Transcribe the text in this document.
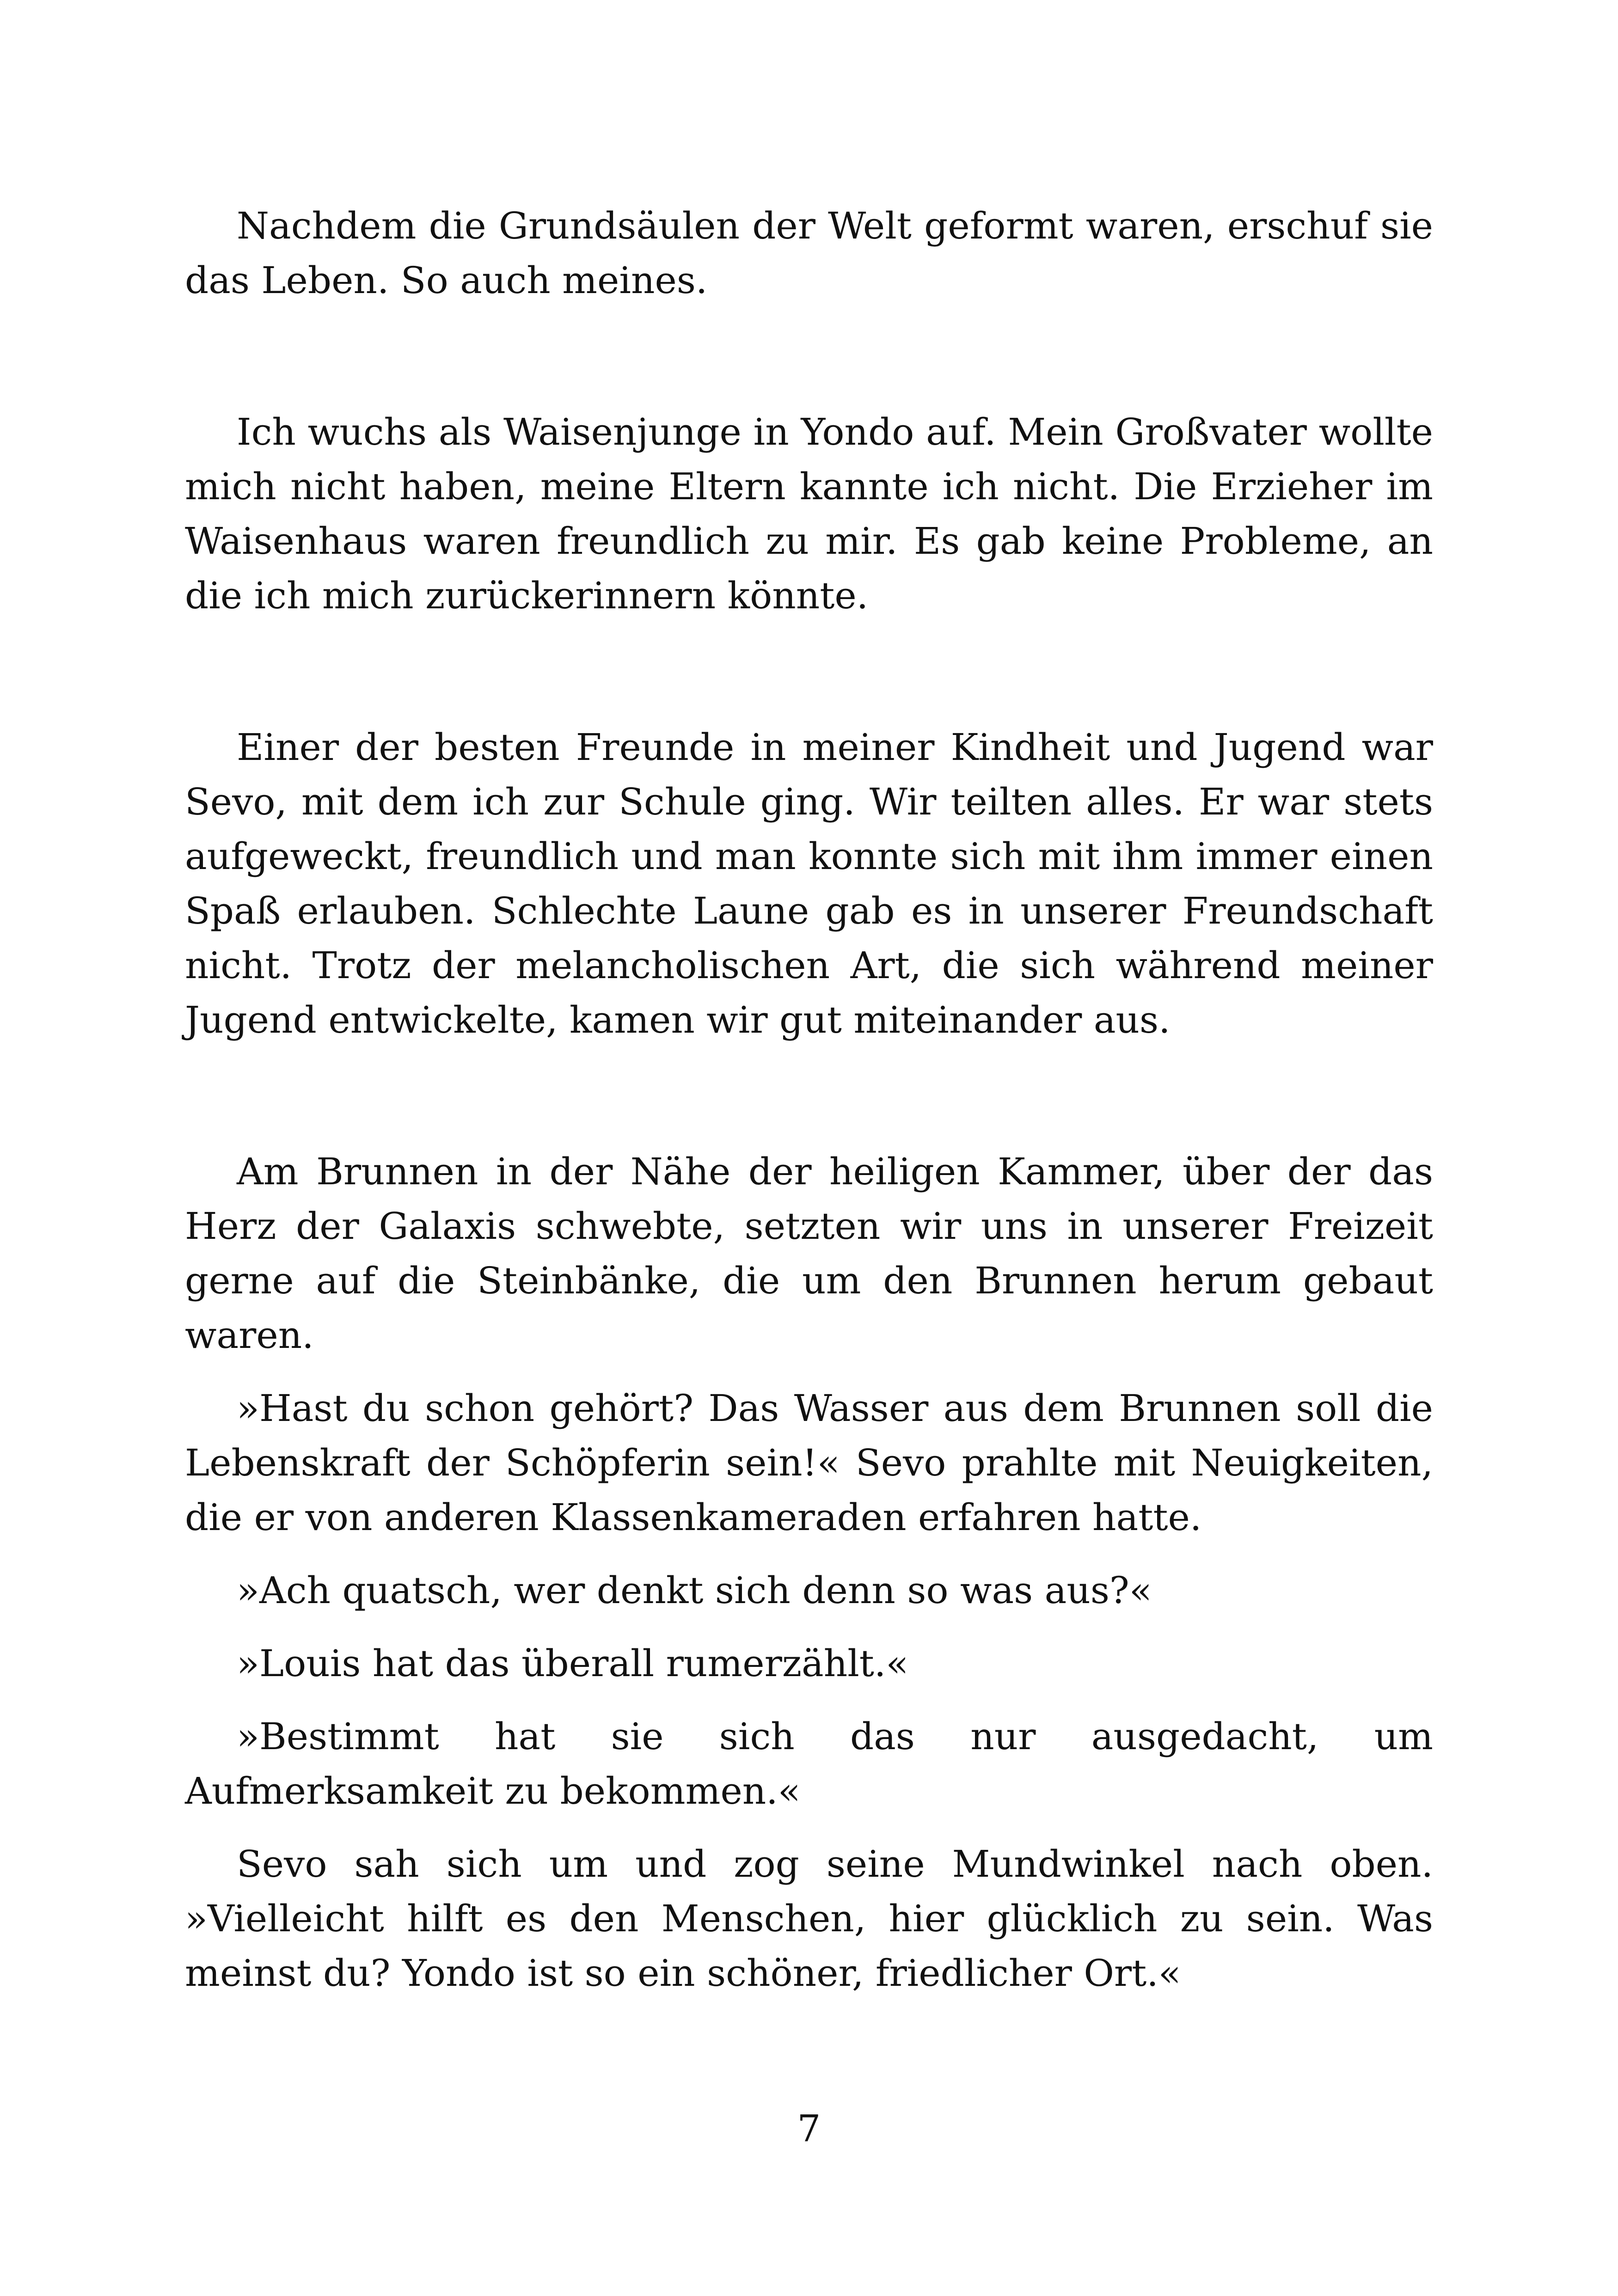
Nachdem die Grundsäulen der Welt geformt waren, erschuf sie das Leben. So auch meines.

Ich wuchs als Waisenjunge in Yondo auf. Mein Großvater wollte mich nicht haben, meine Eltern kannte ich nicht. Die Erzieher im Waisenhaus waren freundlich zu mir. Es gab keine Probleme, an die ich mich zurückerinnern könnte.

Einer der besten Freunde in meiner Kindheit und Jugend war Sevo, mit dem ich zur Schule ging. Wir teilten alles. Er war stets aufgeweckt, freundlich und man konnte sich mit ihm immer einen Spaß erlauben. Schlechte Laune gab es in unserer Freundschaft nicht. Trotz der melancholischen Art, die sich während meiner Jugend entwickelte, kamen wir gut miteinander aus.

Am Brunnen in der Nähe der heiligen Kammer, über der das Herz der Galaxis schwebte, setzten wir uns in unserer Freizeit gerne auf die Steinbänke, die um den Brunnen herum gebaut waren.

»Hast du schon gehört? Das Wasser aus dem Brunnen soll die Lebenskraft der Schöpferin sein!« Sevo prahlte mit Neuigkeiten, die er von anderen Klassenkameraden erfahren hatte.

»Ach quatsch, wer denkt sich denn so was aus?«

»Louis hat das überall rumerzählt.«

»Bestimmt hat sie sich das nur ausgedacht, um Aufmerksamkeit zu bekommen.«

Sevo sah sich um und zog seine Mundwinkel nach oben. »Vielleicht hilft es den Menschen, hier glücklich zu sein. Was meinst du? Yondo ist so ein schöner, friedlicher Ort.«

7
